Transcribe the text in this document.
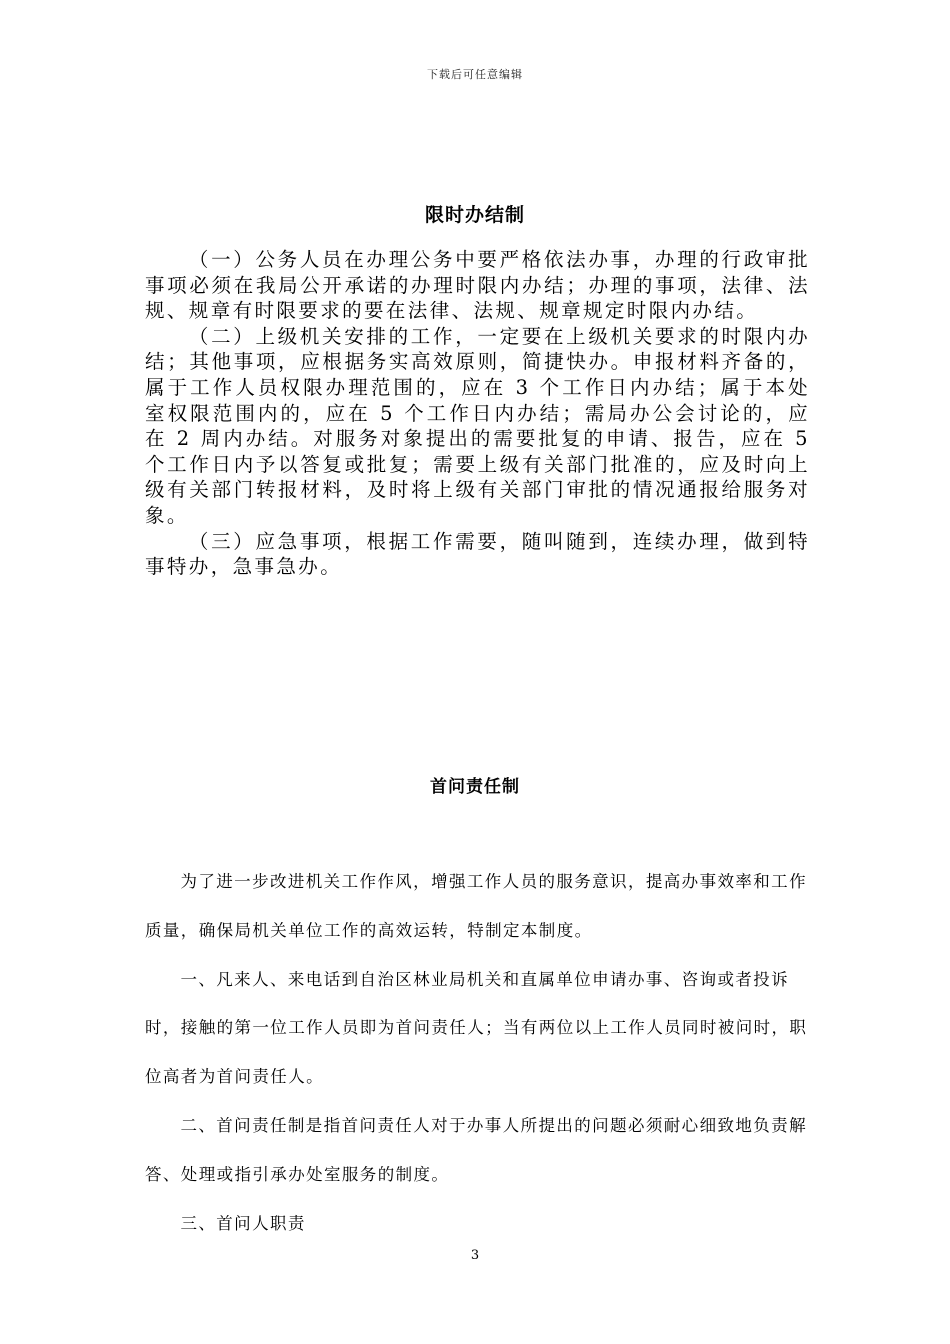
下载后可任意编辑
限时办结制

（一）公务人员在办理公务中要严格依法办事，办理的行政审批事项必须在我局公开承诺的办理时限内办结；办理的事项，法律、法规、规章有时限要求的要在法律、法规、规章规定时限内办结。

（二）上级机关安排的工作，一定要在上级机关要求的时限内办结；其他事项，应根据务实高效原则，简捷快办。申报材料齐备的，属于工作人员权限办理范围的，应在 3 个工作日内办结；属于本处室权限范围内的，应在 5 个工作日内办结；需局办公会讨论的，应在 2 周内办结。对服务对象提出的需要批复的申请、报告，应在 5 个工作日内予以答复或批复；需要上级有关部门批准的，应及时向上级有关部门转报材料，及时将上级有关部门审批的情况通报给服务对象。

（三）应急事项，根据工作需要，随叫随到，连续办理，做到特事特办，急事急办。

首问责任制

为了进一步改进机关工作作风，增强工作人员的服务意识，提高办事效率和工作质量，确保局机关单位工作的高效运转，特制定本制度。

一、凡来人、来电话到自治区林业局机关和直属单位申请办事、咨询或者投诉时，接触的第一位工作人员即为首问责任人；当有两位以上工作人员同时被问时，职位高者为首问责任人。

二、首问责任制是指首问责任人对于办事人所提出的问题必须耐心细致地负责解答、处理或指引承办处室服务的制度。

三、首问人职责

3
